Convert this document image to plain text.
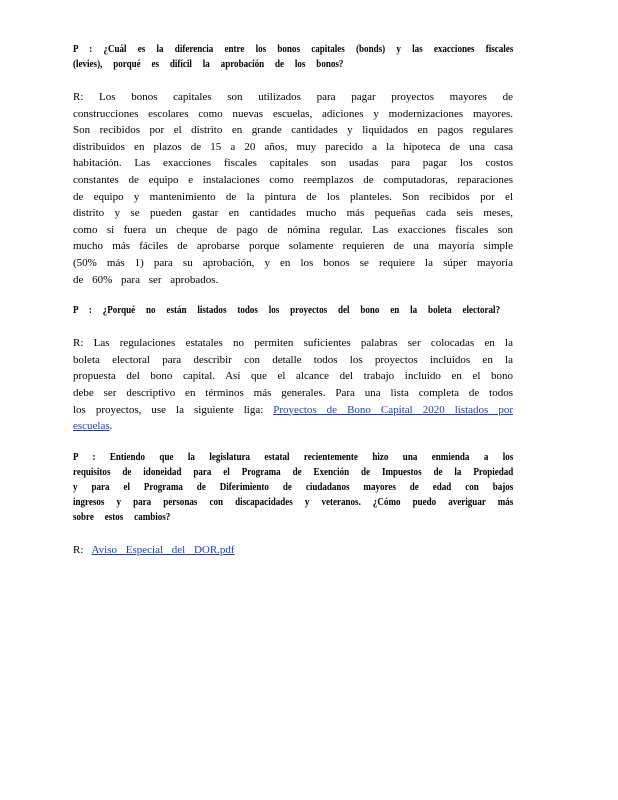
P : ¿Cuál es la diferencia entre los bonos capitales (bonds) y las exacciones fiscales (levies), porqué es difícil la aprobación de los bonos?

R: Los bonos capitales son utilizados para pagar proyectos mayores de construcciones escolares como nuevas escuelas, adiciones y modernizaciones mayores. Son recibidos por el distrito en grande cantidades y liquidados en pagos regulares distribuidos en plazos de 15 a 20 años, muy parecido a la hipoteca de una casa habitación. Las exacciones fiscales capitales son usadas para pagar los costos constantes de equipo e instalaciones como reemplazos de computadoras, reparaciones de equipo y mantenimiento de la pintura de los planteles. Son recibidos por el distrito y se pueden gastar en cantidades mucho más pequeñas cada seis meses, como si fuera un cheque de pago de nómina regular. Las exacciones fiscales son mucho más fáciles de aprobarse porque solamente requieren de una mayoría simple (50% más 1) para su aprobación, y en los bonos se requiere la súper mayoría de 60% para ser aprobados.

P : ¿Porqué no están listados todos los proyectos del bono en la boleta electoral?

R: Las regulaciones estatales no permiten suficientes palabras ser colocadas en la boleta electoral para describir con detalle todos los proyectos incluidos en la propuesta del bono capital. Así que el alcance del trabajo incluido en el bono debe ser descriptivo en términos más generales. Para una lista completa de todos los proyectos, use la siguiente liga: Proyectos de Bono Capital 2020 listados por escuelas.

P : Entiendo que la legislatura estatal recientemente hizo una enmienda a los requisitos de idoneidad para el Programa de Exención de Impuestos de la Propiedad y para el Programa de Diferimiento de ciudadanos mayores de edad con bajos ingresos y para personas con discapacidades y veteranos. ¿Cómo puedo averiguar más sobre estos cambios?

R: Aviso Especial del DOR.pdf
